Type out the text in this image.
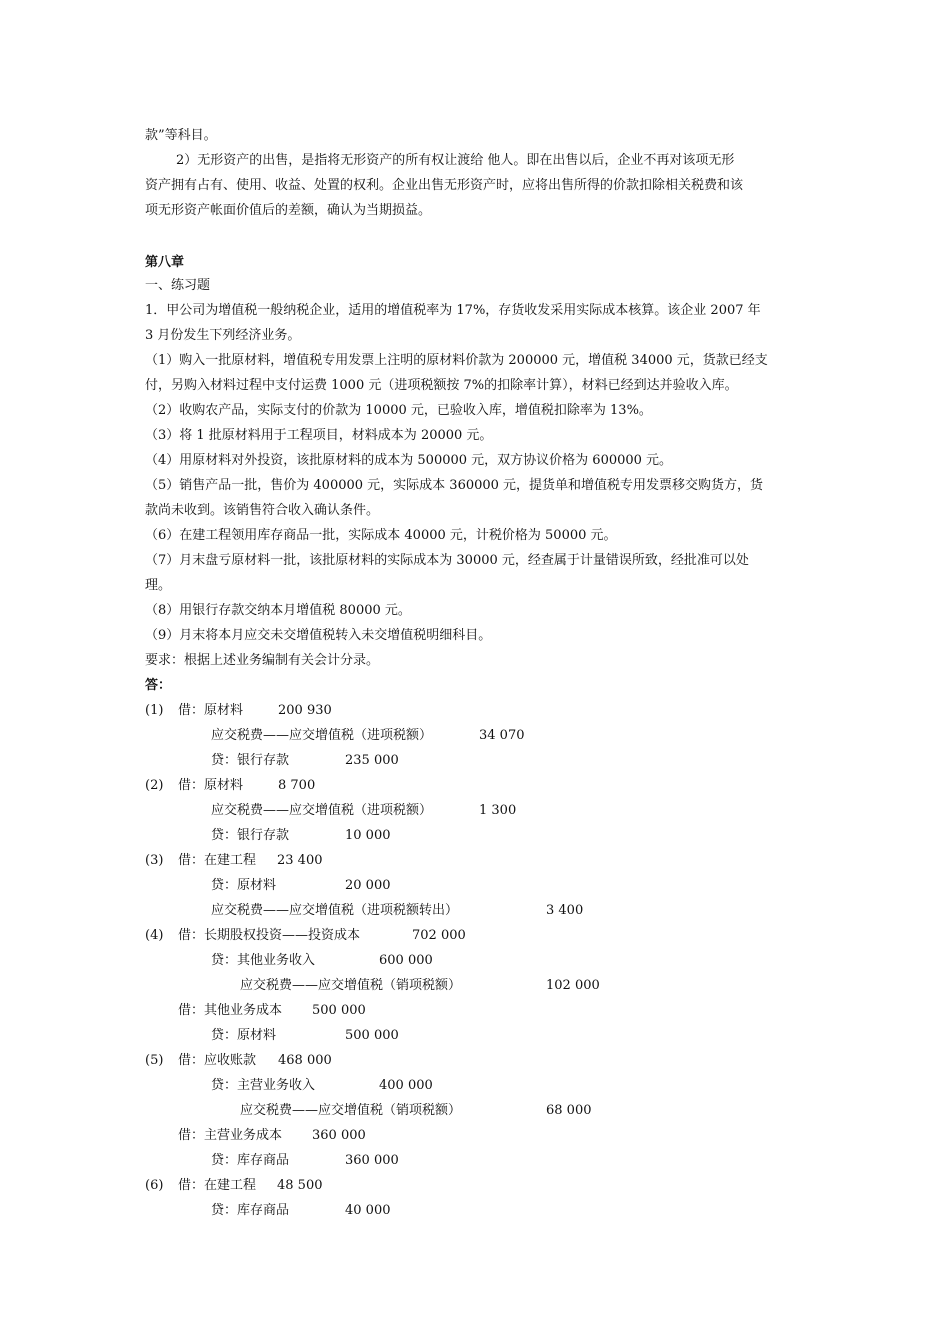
款”等科目。
2）无形资产的出售，是指将无形资产的所有权让渡给 他人。即在出售以后，企业不再对该项无形
资产拥有占有、使用、收益、处置的权利。企业出售无形资产时，应将出售所得的价款扣除相关税费和该
项无形资产帐面价值后的差额，确认为当期损益。
第八章
一、练习题
1．甲公司为增值税一般纳税企业，适用的增值税率为 17%，存货收发采用实际成本核算。该企业 2007 年
3 月份发生下列经济业务。
（1）购入一批原材料，增值税专用发票上注明的原材料价款为 200000 元，增值税 34000 元，货款已经支
付，另购入材料过程中支付运费 1000 元（进项税额按 7%的扣除率计算），材料已经到达并验收入库。
（2）收购农产品，实际支付的价款为 10000 元，已验收入库，增值税扣除率为 13%。
（3）将 1 批原材料用于工程项目，材料成本为 20000 元。
（4）用原材料对外投资，该批原材料的成本为 500000 元，双方协议价格为 600000 元。
（5）销售产品一批，售价为 400000 元，实际成本 360000 元，提货单和增值税专用发票移交购货方，货
款尚未收到。该销售符合收入确认条件。
（6）在建工程领用库存商品一批，实际成本 40000 元，计税价格为 50000 元。
（7）月末盘亏原材料一批，该批原材料的实际成本为 30000 元，经查属于计量错误所致，经批准可以处
理。
（8）用银行存款交纳本月增值税 80000 元。
（9）月末将本月应交未交增值税转入未交增值税明细科目。
要求：根据上述业务编制有关会计分录。
答：
(1) 借：原材料	200 930
应交税费——应交增值税（进项税额）	34 070
贷：银行存款	235 000
(2) 借：原材料	8 700
应交税费——应交增值税（进项税额）	1 300
贷：银行存款	10 000
(3) 借：在建工程 23 400
贷：原材料	20 000
应交税费——应交增值税（进项税额转出）	3 400
(4) 借：长期股权投资——投资成本	702 000
贷：其他业务收入	600 000
应交税费——应交增值税（销项税额）	102 000
借：其他业务成本 500 000
贷：原材料	500 000
(5) 借：应收账款 468 000
贷：主营业务收入	400 000
应交税费——应交增值税（销项税额）	68 000
借：主营业务成本 360 000
贷：库存商品	360 000
(6) 借：在建工程 48 500
贷：库存商品	40 000
